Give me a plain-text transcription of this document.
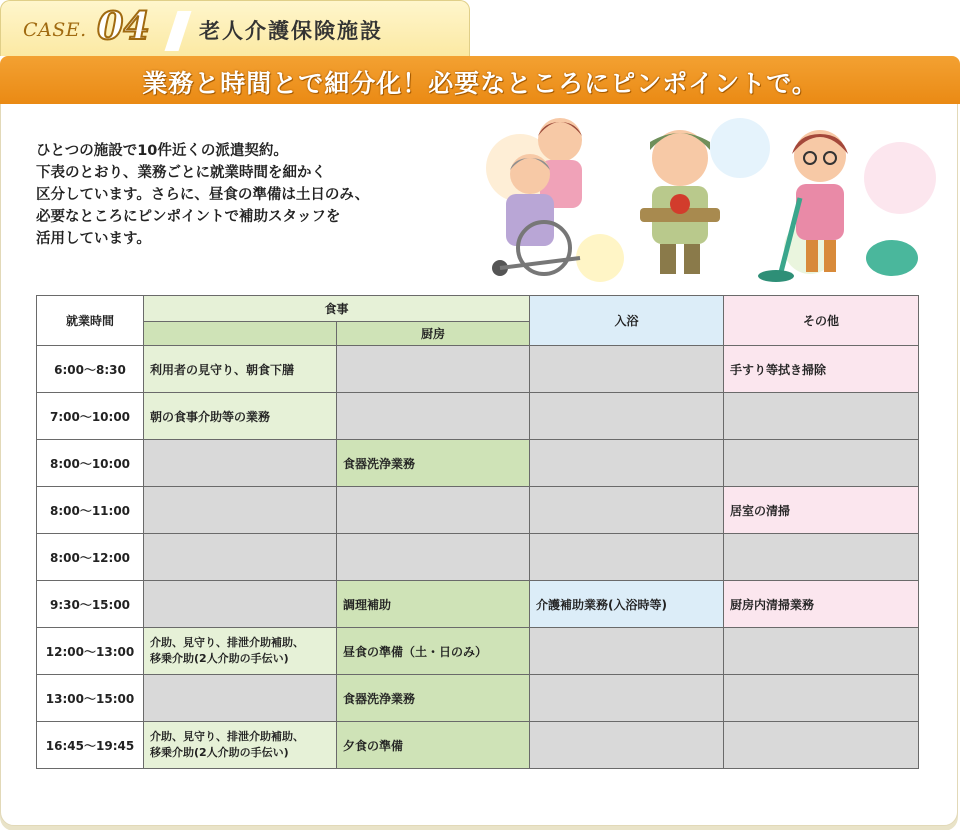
CASE. 04 老人介護保険施設
業務と時間とで細分化！必要なところにピンポイントで。
ひとつの施設で10件近くの派遣契約。
下表のとおり、業務ごとに就業時間を細かく
区分しています。さらに、昼食の準備は土日のみ、
必要なところにピンポイントで補助スタッフを
活用しています。
就業時間	食事		入浴	その他
		厨房		
6:00～8:30	利用者の見守り、朝食下膳			手すり等拭き掃除
7:00～10:00	朝の食事介助等の業務			
8:00～10:00		食器洗浄業務		
8:00～11:00				居室の清掃
8:00～12:00				
9:30～15:00		調理補助	介護補助業務(入浴時等)	厨房内清掃業務
12:00～13:00	介助、見守り、排泄介助補助、
移乗介助(2人介助の手伝い)	昼食の準備（土・日のみ）		
13:00～15:00		食器洗浄業務		
16:45～19:45	介助、見守り、排泄介助補助、
移乗介助(2人介助の手伝い)	夕食の準備		
